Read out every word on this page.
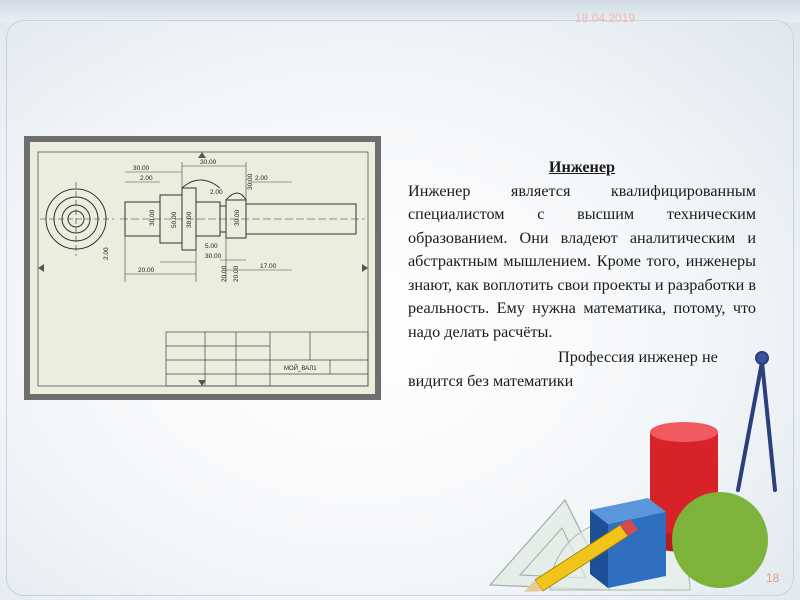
18.04.2019
30.00
2.00
30.00
2.00
2.00
30.00
5.00
20.00
17.00
30.00 50.00 38.00	30.00
2.00
20.00 20.00
30.00
МОЙ_ВАЛ1

Инженер

Инженер является квалифицированным специалистом с высшим техническим образованием. Они владеют аналитическим и абстрактным мышлением. Кроме того, инженеры знают, как воплотить свои проекты и разработки в реальность. Ему нужна математика, потому, что надо делать расчёты.

Профессия инженер не видится без математики

18
